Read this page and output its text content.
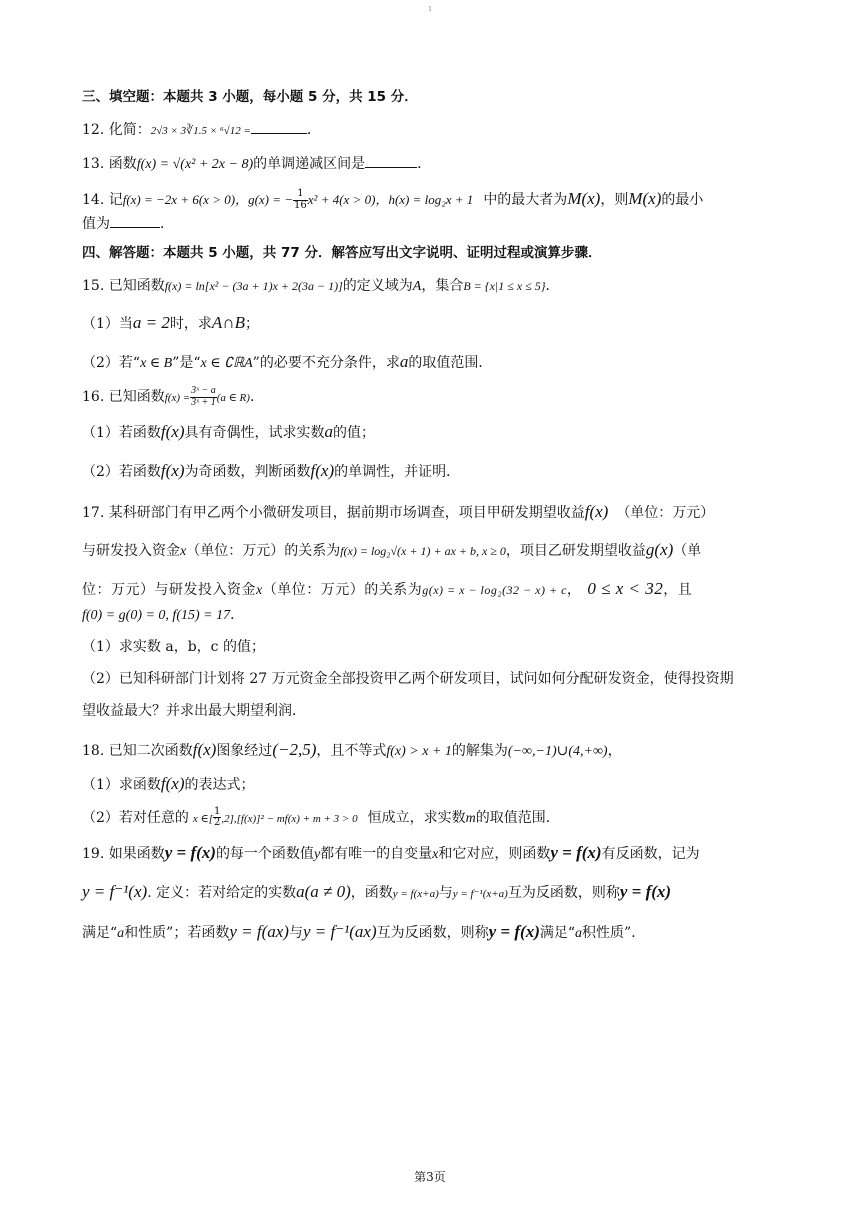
1

三、填空题：本题共 3 小题，每小题 5 分，共 15 分．

12. 化简：2√3 × 3∛1.5 × ⁶√12 =	．

13. 函数f(x) = √(x² + 2x − 8)的单调递减区间是	．

14. 记f(x) = −2x + 6(x > 0)，g(x) = − $\frac{1}{16} x^2 + 4(x > 0)$，h(x) = log₂x + 1 中的最大者为M(x)，则M(x)的最小

值为	．

四、解答题：本题共 5 小题，共 77 分．解答应写出文字说明、证明过程或演算步骤．

15. 已知函数f(x) = ln[x² − (3a + 1)x + 2(3a − 1)]的定义域为A，集合B = {x|1 ≤ x ≤ 5}．

（1）当a = 2时，求A∩B；

（2）若“x ∈ B”是“x ∈ ∁ℝA”的必要不充分条件，求a的取值范围．

16. 已知函数$f(x) = \frac{\text{3ˣ − a}}{\text{3ˣ + 1}} (a$ ∈ R)．

（1）若函数f(x)具有奇偶性，试求实数a的值；

（2）若函数f(x)为奇函数，判断函数f(x)的单调性，并证明．

17. 某科研部门有甲乙两个小微研发项目，据前期市场调查，项目甲研发期望收益f(x) （单位：万元）

与研发投入资金x（单位：万元）的关系为f(x) = log₂√(x + 1) + ax + b, x ≥ 0，项目乙研发期望收益g(x)（单

位：万元）与研发投入资金x（单位：万元）的关系为g(x) = x − log₂(32 − x) + c， 0 ≤ x < 32，且

f(0) = g(0) = 0, f(15) = 17．

（1）求实数 a，b，c 的值；

（2）已知科研部门计划将 27 万元资金全部投资甲乙两个研发项目，试问如何分配研发资金，使得投资期

望收益最大？并求出最大期望利润．

18. 已知二次函数f(x)图象经过(−2,5)，且不等式f(x) > x + 1的解集为(−∞,−1)∪(4,+∞)，

（1）求函数f(x)的表达式；

（2）若对任意的 x ∈[ $\frac{1}{2} ,2],[f(x)]^2 - mf(x) + m + 3 > 0$ 恒成立，求实数m的取值范围．

19. 如果函数y = f(x)的每一个函数值y都有唯一的自变量x和它对应，则函数y = f(x)有反函数，记为

y = f⁻¹(x). 定义：若对给定的实数a(a ≠ 0)，函数y = f(x+a)与y = f⁻¹(x+a)互为反函数，则称y = f(x)

满足“a和性质”；若函数y = f(ax)与y = f⁻¹(ax)互为反函数，则称y = f(x)满足“a积性质”．

第3页
